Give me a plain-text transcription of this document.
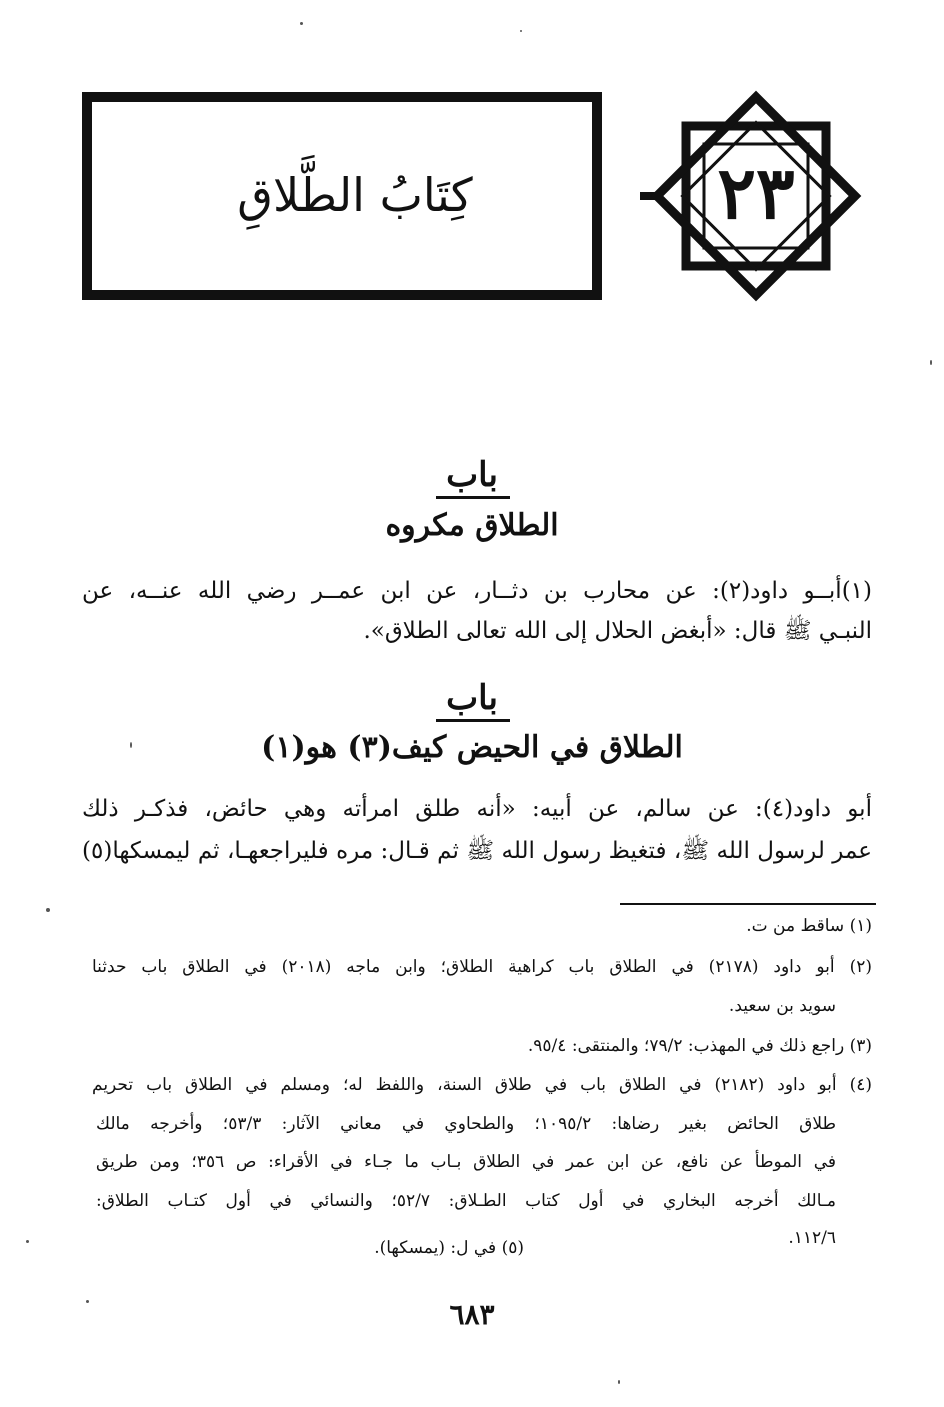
كِتَابُ الطَّلاقِ	٢٣
باب
الطلاق مكروه
(١)أبــو داود(٢): عن محارب بن دثــار، عن ابن عمــر رضي الله عنــه، عن
النبـي ﷺ قال: «أبغض الحلال إلى الله تعالى الطلاق».
باب
الطلاق في الحيض كيف(٣) هو(١)
أبو داود(٤): عن سالم، عن أبيه: «أنه طلق امرأته وهي حائض، فذكـر ذلك
عمر لرسول الله ﷺ، فتغيظ رسول الله ﷺ ثم قـال: مره فليراجعهـا، ثم ليمسكها(٥)
(١) ساقط من ت.
(٢) أبو داود (٢١٧٨) في الطلاق باب كراهية الطلاق؛ وابن ماجه (٢٠١٨) في الطلاق باب حدثنا
سويد بن سعيد.
(٣) راجع ذلك في المهذب: ٧٩/٢؛ والمنتقى: ٩٥/٤.
(٤) أبو داود (٢١٨٢) في الطلاق باب في طلاق السنة، واللفظ له؛ ومسلم في الطلاق باب تحريم
طلاق الحائض بغير رضاها: ١٠٩٥/٢؛ والطحاوي في معاني الآثار: ٥٣/٣؛ وأخرجه مالك
في الموطأ عن نافع، عن ابن عمر في الطلاق بـاب ما جـاء في الأقراء: ص ٣٥٦؛ ومن طريق
مـالك أخرجه البخاري في أول كتاب الطـلاق: ٥٢/٧؛ والنسائي في أول كتـاب الطلاق:
١١٢/٦.
(٥) في ل: (يمسكها).
٦٨٣
